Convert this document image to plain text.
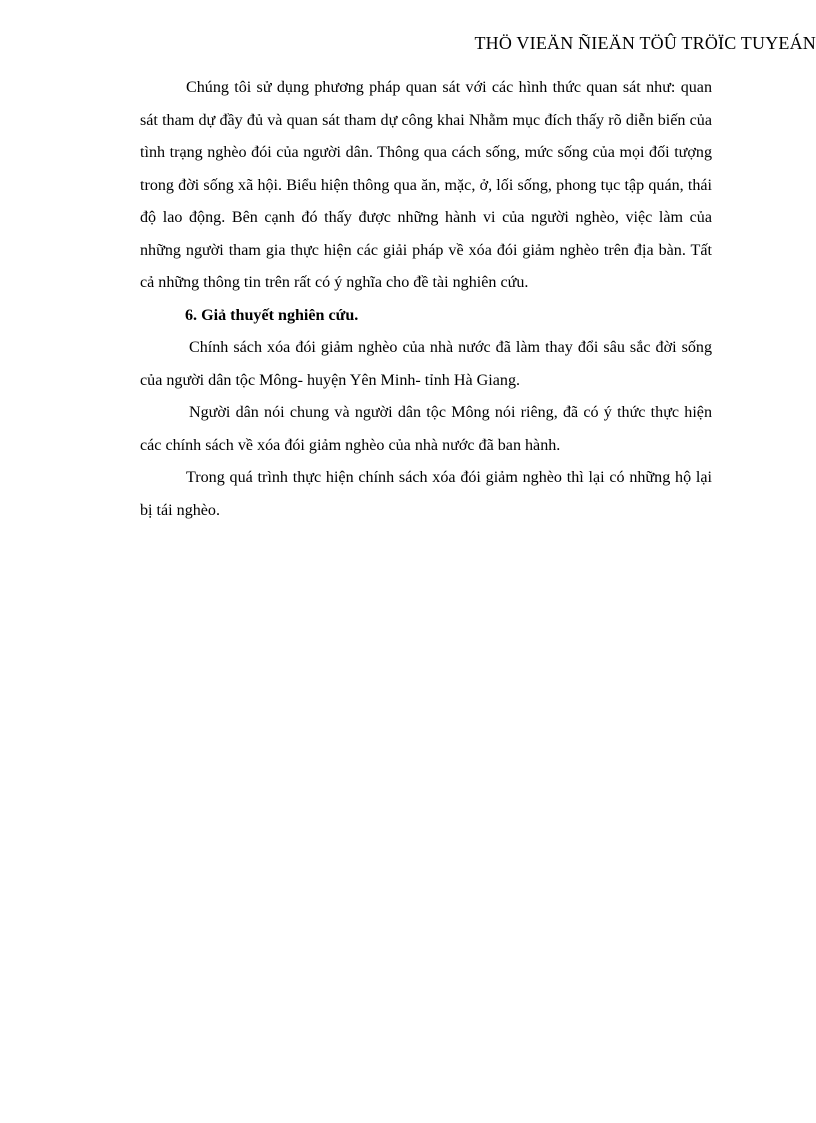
THÖ VIEÄN ÑIEÄN TÖÛ TRÖÏC TUYEÁN

Chúng tôi sử dụng phương pháp quan sát với các hình thức quan sát như: quan sát tham dự đầy đủ và quan sát tham dự công khai Nhằm mục đích thấy rõ diễn biến của tình trạng nghèo đói của người dân. Thông qua cách sống, mức sống của mọi đối tượng trong đời sống xã hội. Biểu hiện thông qua ăn, mặc, ở, lối sống, phong tục tập quán, thái độ lao động. Bên cạnh đó thấy được những hành vi của người nghèo, việc làm của những người tham gia thực hiện các giải pháp về xóa đói giảm nghèo trên địa bàn. Tất cả những thông tin trên rất có ý nghĩa cho đề tài nghiên cứu.

6. Giả thuyết nghiên cứu.

Chính sách xóa đói giảm nghèo của nhà nước đã làm thay đổi sâu sắc đời sống của người dân tộc Mông- huyện Yên Minh- tỉnh Hà Giang.

Người dân nói chung và người dân tộc Mông nói riêng, đã có ý thức thực hiện các chính sách về xóa đói giảm nghèo của nhà nước đã ban hành.

Trong quá trình thực hiện chính sách xóa đói giảm nghèo thì lại có những hộ lại bị tái nghèo.
